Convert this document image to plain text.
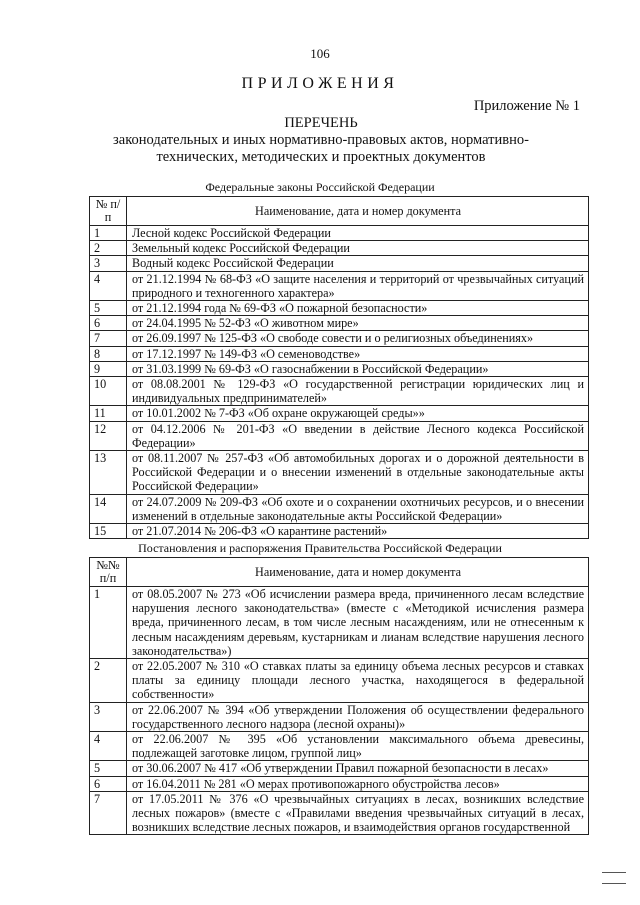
106
ПРИЛОЖЕНИЯ
Приложение № 1
ПЕРЕЧЕНЬ
законодательных и иных нормативно-правовых актов, нормативно-технических, методических и проектных документов
Федеральные законы Российской Федерации
№ п/п	Наименование, дата и номер документа
1	Лесной кодекс Российской Федерации
2	Земельный кодекс Российской Федерации
3	Водный кодекс Российской Федерации
4	от 21.12.1994 № 68-ФЗ «О защите населения и территорий от чрезвычайных ситуаций природного и техногенного характера»
5	от 21.12.1994 года № 69-ФЗ «О пожарной безопасности»
6	от 24.04.1995 № 52-ФЗ «О животном мире»
7	от 26.09.1997 № 125-ФЗ «О свободе совести и о религиозных объединениях»
8	от 17.12.1997 № 149-ФЗ «О семеноводстве»
9	от 31.03.1999 № 69-ФЗ «О газоснабжении в Российской Федерации»
10	от 08.08.2001 № 129-ФЗ «О государственной регистрации юридических лиц и индивидуальных предпринимателей»
11	от 10.01.2002 № 7-ФЗ «Об охране окружающей среды»»
12	от 04.12.2006 № 201-ФЗ «О введении в действие Лесного кодекса Российской Федерации»
13	от 08.11.2007 № 257-ФЗ «Об автомобильных дорогах и о дорожной деятельности в Российской Федерации и о внесении изменений в отдельные законодательные акты Российской Федерации»
14	от 24.07.2009 № 209-ФЗ «Об охоте и о сохранении охотничьих ресурсов, и о внесении изменений в отдельные законодательные акты Российской Федерации»
15	от 21.07.2014 № 206-ФЗ «О карантине растений»
Постановления и распоряжения Правительства Российской Федерации
№№ п/п	Наименование, дата и номер документа
1	от 08.05.2007 № 273 «Об исчислении размера вреда, причиненного лесам вследствие нарушения лесного законодательства» (вместе с «Методикой исчисления размера вреда, причиненного лесам, в том числе лесным насаждениям, или не отнесенным к лесным насаждениям деревьям, кустарникам и лианам вследствие нарушения лесного законодательства»)
2	от 22.05.2007 № 310 «О ставках платы за единицу объема лесных ресурсов и ставках платы за единицу площади лесного участка, находящегося в федеральной собственности»
3	от 22.06.2007 № 394 «Об утверждении Положения об осуществлении федерального государственного лесного надзора (лесной охраны)»
4	от 22.06.2007 № 395 «Об установлении максимального объема древесины, подлежащей заготовке лицом, группой лиц»
5	от 30.06.2007 № 417 «Об утверждении Правил пожарной безопасности в лесах»
6	от 16.04.2011 № 281 «О мерах противопожарного обустройства лесов»
7	от 17.05.2011 № 376 «О чрезвычайных ситуациях в лесах, возникших вследствие лесных пожаров» (вместе с «Правилами введения чрезвычайных ситуаций в лесах, возникших вследствие лесных пожаров, и взаимодействия органов государственной
